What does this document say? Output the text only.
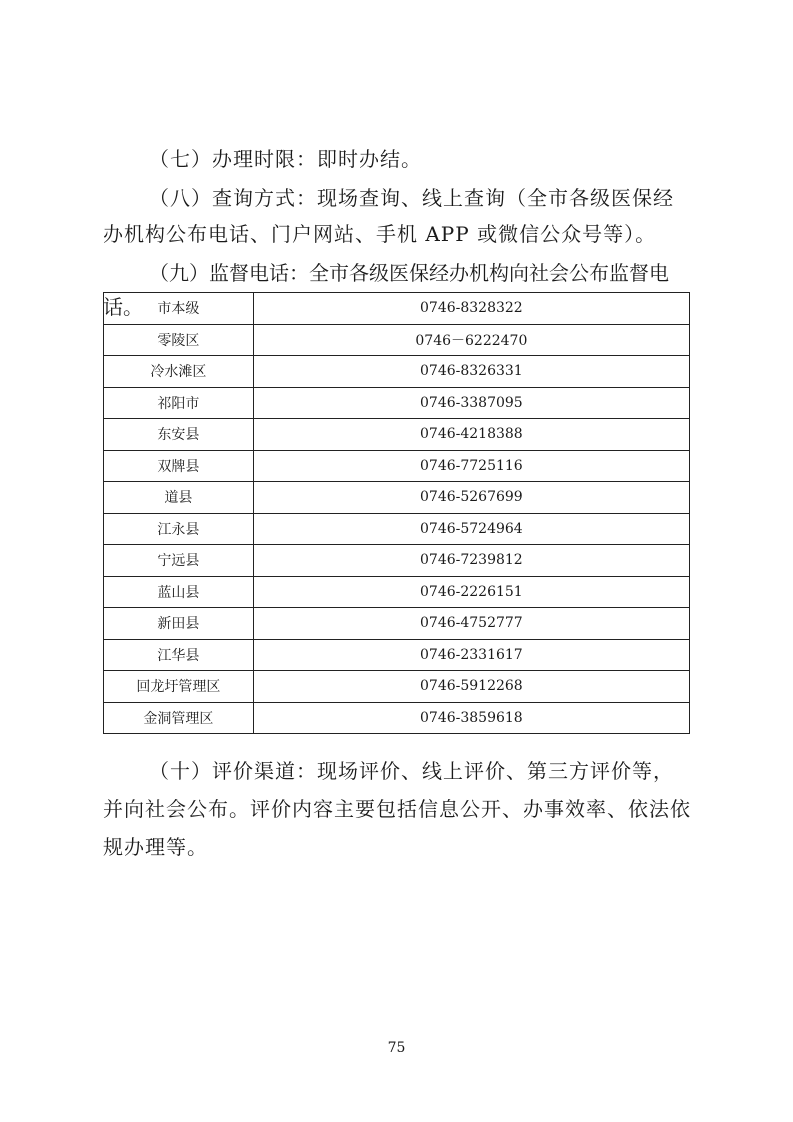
（七）办理时限：即时办结。

（八）查询方式：现场查询、线上查询（全市各级医保经办机构公布电话、门户网站、手机 APP 或微信公众号等）。

（九）监督电话：全市各级医保经办机构向社会公布监督电话。	市本级	0746-8328322
零陵区	0746－6222470
冷水滩区	0746-8326331
祁阳市	0746-3387095
东安县	0746-4218388
双牌县	0746-7725116
道县	0746-5267699
江永县	0746-5724964
宁远县	0746-7239812
蓝山县	0746-2226151
新田县	0746-4752777
江华县	0746-2331617
回龙圩管理区	0746-5912268
金洞管理区	0746-3859618

（十）评价渠道：现场评价、线上评价、第三方评价等，并向社会公布。评价内容主要包括信息公开、办事效率、依法依规办理等。

75
